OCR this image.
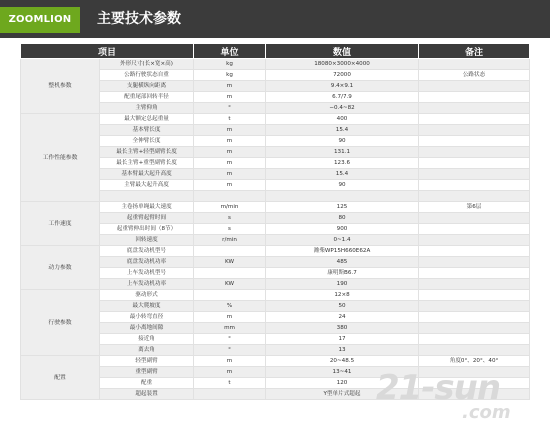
ZOOMLION	主要技术参数
项目		单位	数值	备注
整机参数	外形尺寸(长×宽×高)	kg	18080×3000×4000	
	公路行驶状态自重	kg	72000	公路状态
	支腿横纵向距离	m	9.4×9.1	
	配重尾部回转半径	m	6.7/7.9	
	主臂仰角	°	−0.4~82	
工作性能参数	最大额定总起重量	t	400	
	基本臂长度	m	15.4	
	全伸臂长度	m	90	
	最长主臂+轻型副臂长度	m	131.1	
	最长主臂+重型副臂长度	m	123.6	
	基本臂最大起升高度	m	15.4	
	主臂最大起升高度	m	90	

工作速度	主卷扬单绳最大速度	m/min	125	第6层
	起重臂起臂时间	s	80	
	起重臂伸出时间（8节）	s	900	
	回转速度	r/min	0~1.4	
动力参数	底盘发动机型号		潍柴WP15H660E62A	
	底盘发动机功率	KW	485	
	上车发动机型号		康明斯B6.7	
	上车发动机功率	KW	190	
行驶参数	驱动形式		12×8	
	最大爬坡度	%	50	
	最小转弯直径	m	24	
	最小离地间隙	mm	380	
	接近角	°	17	
	离去角	°	13	
配置	轻型副臂	m	20~48.5	角度0°、20°、40°
	重型副臂	m	13~41	
	配重	t	120	
	超起装置		Y型单片式超起	21-sun
.com
